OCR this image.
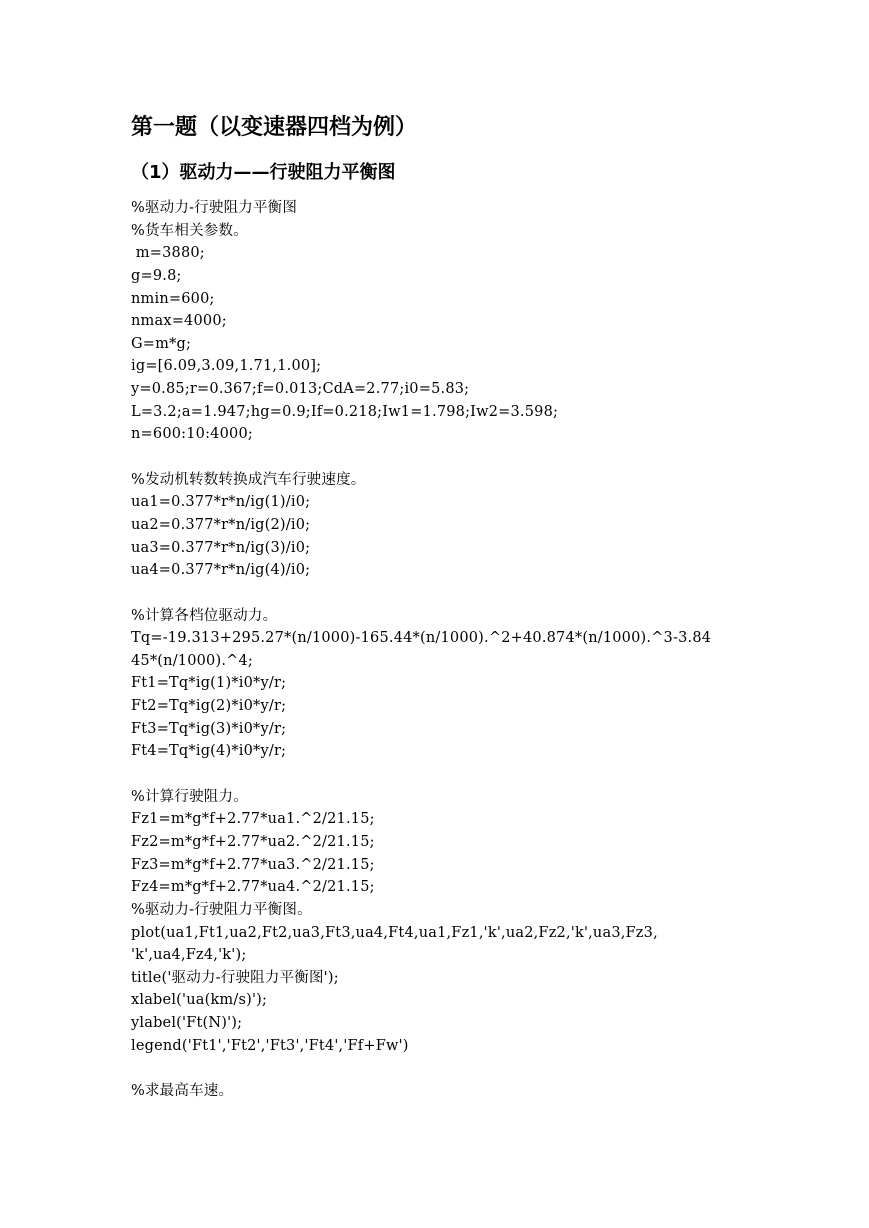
第一题（以变速器四档为例）
（1）驱动力——行驶阻力平衡图
%驱动力-行驶阻力平衡图
%货车相关参数。
m=3880;
g=9.8;
nmin=600;
nmax=4000;
G=m*g;
ig=[6.09,3.09,1.71,1.00];
y=0.85;r=0.367;f=0.013;CdA=2.77;i0=5.83;
L=3.2;a=1.947;hg=0.9;If=0.218;Iw1=1.798;Iw2=3.598;
n=600:10:4000;
%发动机转数转换成汽车行驶速度。
ua1=0.377*r*n/ig(1)/i0;
ua2=0.377*r*n/ig(2)/i0;
ua3=0.377*r*n/ig(3)/i0;
ua4=0.377*r*n/ig(4)/i0;
%计算各档位驱动力。
Tq=-19.313+295.27*(n/1000)-165.44*(n/1000).^2+40.874*(n/1000).^3-3.84
45*(n/1000).^4;
Ft1=Tq*ig(1)*i0*y/r;
Ft2=Tq*ig(2)*i0*y/r;
Ft3=Tq*ig(3)*i0*y/r;
Ft4=Tq*ig(4)*i0*y/r;
%计算行驶阻力。
Fz1=m*g*f+2.77*ua1.^2/21.15;
Fz2=m*g*f+2.77*ua2.^2/21.15;
Fz3=m*g*f+2.77*ua3.^2/21.15;
Fz4=m*g*f+2.77*ua4.^2/21.15;
%驱动力-行驶阻力平衡图。
plot(ua1,Ft1,ua2,Ft2,ua3,Ft3,ua4,Ft4,ua1,Fz1,'k',ua2,Fz2,'k',ua3,Fz3,
'k',ua4,Fz4,'k');
title('驱动力-行驶阻力平衡图');
xlabel('ua(km/s)');
ylabel('Ft(N)');
legend('Ft1','Ft2','Ft3','Ft4','Ff+Fw')
%求最高车速。
